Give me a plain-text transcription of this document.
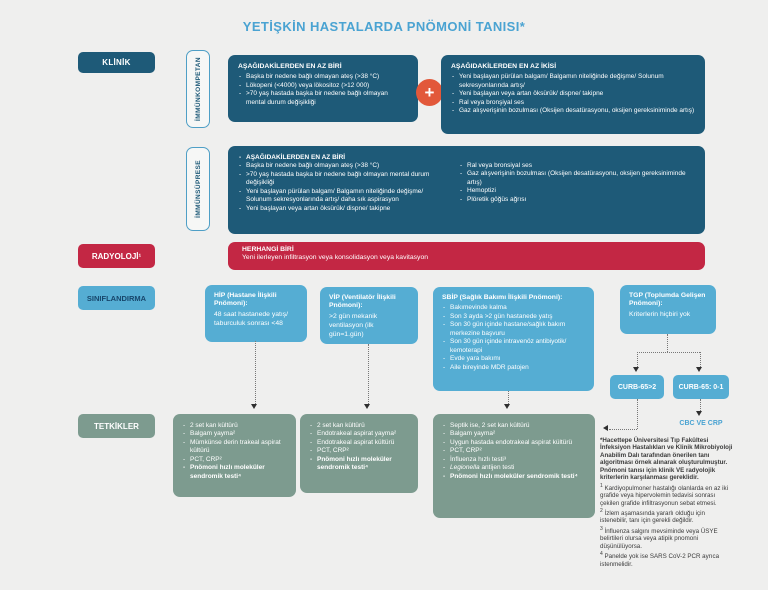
YETİŞKİN HASTALARDA PNÖMONİ TANISI*
KLİNİK	İMMÜNKOMPETAN	AŞAĞIDAKİLERDEN EN AZ BİRİ
- Başka bir nedene bağlı olmayan ateş (>38 °C)
- Lökopeni (<4000) veya lökositoz (>12 000)
- >70 yaş hastada başka bir nedene bağlı olmayan mental durum değişikliği
+
AŞAĞIDAKİLERDEN EN AZ İKİSİ
- Yeni başlayan pürülan balgam/ Balgamın niteliğinde değişme/ Solunum sekresyonlarında artış/
- Yeni başlayan veya artan öksürük/ dispne/ takipne
- Ral veya bronşiyal ses
- Gaz alışverişinin bozulması (Oksijen desatürasyonu, oksijen gereksiniminde artış)
İMMÜNSÜPRESE
- AŞAĞIDAKİLERDEN EN AZ BİRİ
- Başka bir nedene bağlı olmayan ateş (>38 °C)
- >70 yaş hastada başka bir nedene bağlı olmayan mental durum değişikliği
- Yeni başlayan pürülan balgam/ Balgamın niteliğinde değişme/ Solunum sekresyonlarında artış/ daha sık aspirasyon
- Yeni başlayan veya artan öksürük/ dispne/ takipne
- Ral veya bronsiyal ses
- Gaz alışverişinin bozulması (Oksijen desatürasyonu, oksijen gereksiniminde artış)
- Hemoptizi
- Plöretik göğüs ağrısı
RADYOLOJİ¹
HERHANGİ BİRİ
Yeni ilerleyen infiltrasyon veya konsolidasyon veya kavitasyon
SINIFLANDIRMA	HİP (Hastane İlişkili Pnömoni):
48 saat hastanede yatış/ taburculuk sonrası <48
VİP (Ventilatör İlişkili Pnömoni):
>2 gün mekanik ventilasyon (ilk gün=1.gün)
SBİP (Sağlık Bakımı İlişkili Pnömoni):
- Bakımevinde kalma
- Son 3 ayda >2 gün hastanede yatış
- Son 30 gün içinde hastane/sağlık bakım merkezine başvuru
- Son 30 gün içinde intravenöz antibiyotik/ kemoterapi
- Evde yara bakımı
- Aile bireyinde MDR patojen
TGP (Toplumda Gelişen Pnömoni):
Kriterlerin hiçbiri yok
CURB-65>2	CURB-65: 0-1
CBC VE CRP
TETKİKLER	- 2 set kan kültürü
- Balgam yayma²
- Mümkünse derin trakeal aspirat kültürü
- PCT, CRP²
- Pnömoni hızlı moleküler sendromik testi⁴
- 2 set kan kültürü
- Endotrakeal aspirat yayma²
- Endotrakeal aspirat kültürü
- PCT, CRP²
- Pnömoni hızlı moleküler sendromik testi⁴
- Septik ise, 2 set kan kültürü
- Balgam yayma²
- Uygun hastada endotrakeal aspirat kültürü
- PCT, CRP²
- İnfluenza hızlı testi³
- Legionella antijen testi
- Pnömoni hızlı moleküler sendromik testi⁴
*Hacettepe Üniversitesi Tıp Fakültesi İnfeksiyon Hastalıkları ve Klinik Mikrobiyoloji Anabilim Dalı tarafından önerilen tanı algoritması örnek alınarak oluşturulmuştur. Pnömoni tanısı için klinik VE radyolojik kriterlerin karşılanması gereklidir.
$^1$ Kardiyopulmoner hastalığı olanlarda en az iki grafide veya hipervolemin tedavisi sonrası çekilen grafide infiltrasyonun sebat etmesi.
$^2$ İzlem aşamasında yararlı olduğu için istenebilir, tanı için gerekli değildir.
$^3$ İnfluenza salgını mevsiminde veya ÜSYE belirtileri olursa veya atipik pnomoni düşünülüyorsa.
$^4$ Panelde yok ise SARS CoV-2 PCR ayrıca istenmelidir.
